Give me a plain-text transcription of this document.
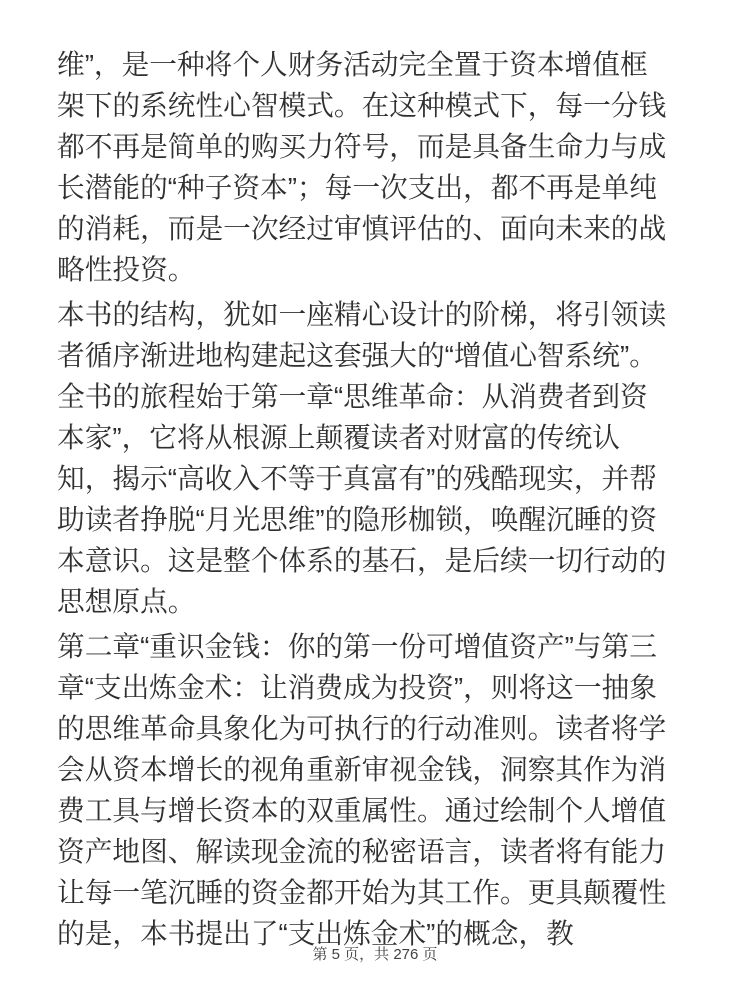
维”，是一种将个人财务活动完全置于资本增值框架下的系统性心智模式。在这种模式下，每一分钱都不再是简单的购买力符号，而是具备生命力与成长潜能的“种子资本”；每一次支出，都不再是单纯的消耗，而是一次经过审慎评估的、面向未来的战略性投资。

本书的结构，犹如一座精心设计的阶梯，将引领读者循序渐进地构建起这套强大的“增值心智系统”。全书的旅程始于第一章“思维革命：从消费者到资本家”，它将从根源上颠覆读者对财富的传统认知，揭示“高收入不等于真富有”的残酷现实，并帮助读者挣脱“月光思维”的隐形枷锁，唤醒沉睡的资本意识。这是整个体系的基石，是后续一切行动的思想原点。

第二章“重识金钱：你的第一份可增值资产”与第三章“支出炼金术：让消费成为投资”，则将这一抽象的思维革命具象化为可执行的行动准则。读者将学会从资本增长的视角重新审视金钱，洞察其作为消费工具与增长资本的双重属性。通过绘制个人增值资产地图、解读现金流的秘密语言，读者将有能力让每一笔沉睡的资金都开始为其工作。更具颠覆性的是，本书提出了“支出炼金术”的概念，教

第 5 页，共 276 页
